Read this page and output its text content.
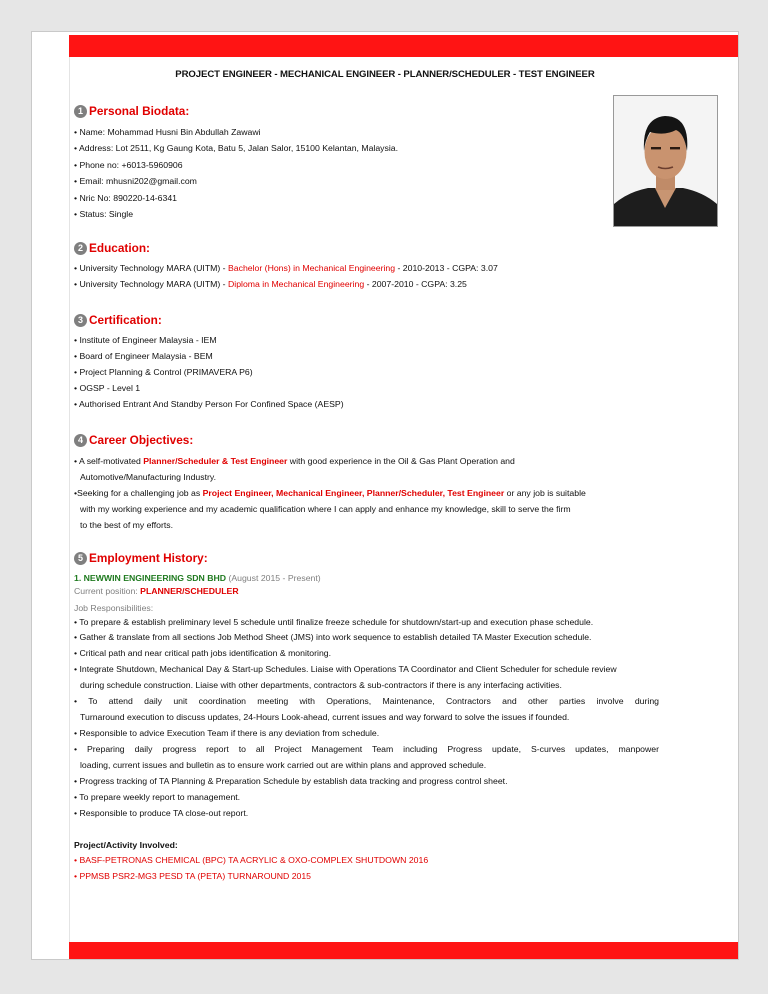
PROJECT ENGINEER - MECHANICAL ENGINEER - PLANNER/SCHEDULER - TEST ENGINEER
1 Personal Biodata:
• Name: Mohammad Husni Bin Abdullah Zawawi
• Address: Lot 2511, Kg Gaung Kota, Batu 5, Jalan Salor, 15100 Kelantan, Malaysia.
• Phone no: +6013-5960906
• Email: mhusni202@gmail.com
• Nric No: 890220-14-6341
• Status: Single
2 Education:
• University Technology MARA (UITM) - Bachelor (Hons) in Mechanical Engineering - 2010-2013 - CGPA: 3.07
• University Technology MARA (UITM) - Diploma in Mechanical Engineering - 2007-2010 - CGPA: 3.25
3 Certification:
• Institute of Engineer Malaysia - IEM
• Board of Engineer Malaysia - BEM
• Project Planning & Control (PRIMAVERA P6)
• OGSP - Level 1
• Authorised Entrant And Standby Person For Confined Space (AESP)
4 Career Objectives:
• A self-motivated Planner/Scheduler & Test Engineer with good experience in the Oil & Gas Plant Operation and
Automotive/Manufacturing Industry.
•Seeking for a challenging job as Project Engineer, Mechanical Engineer, Planner/Scheduler, Test Engineer or any job is suitable
with my working experience and my academic qualification where I can apply and enhance my knowledge, skill to serve the firm
to the best of my efforts.
5 Employment History:
1. NEWWIN ENGINEERING SDN BHD (August 2015 - Present)
Current position: PLANNER/SCHEDULER
Job Responsibilities:
• To prepare & establish preliminary level 5 schedule until finalize freeze schedule for shutdown/start-up and execution phase schedule.
• Gather & translate from all sections Job Method Sheet (JMS) into work sequence to establish detailed TA Master Execution schedule.
• Critical path and near critical path jobs identification & monitoring.
• Integrate Shutdown, Mechanical Day & Start-up Schedules. Liaise with Operations TA Coordinator and Client Scheduler for schedule review
during schedule construction. Liaise with other departments, contractors & sub-contractors if there is any interfacing activities.
• To attend daily unit coordination meeting with Operations, Maintenance, Contractors and other parties involve during
Turnaround execution to discuss updates, 24-Hours Look-ahead, current issues and way forward to solve the issues if founded.
• Responsible to advice Execution Team if there is any deviation from schedule.
• Preparing daily progress report to all Project Management Team including Progress update, S-curves updates, manpower
loading, current issues and bulletin as to ensure work carried out are within plans and approved schedule.
• Progress tracking of TA Planning & Preparation Schedule by establish data tracking and progress control sheet.
• To prepare weekly report to management.
• Responsible to produce TA close-out report.
Project/Activity Involved:
• BASF-PETRONAS CHEMICAL (BPC) TA ACRYLIC & OXO-COMPLEX SHUTDOWN 2016
• PPMSB PSR2-MG3 PESD TA (PETA) TURNAROUND 2015
